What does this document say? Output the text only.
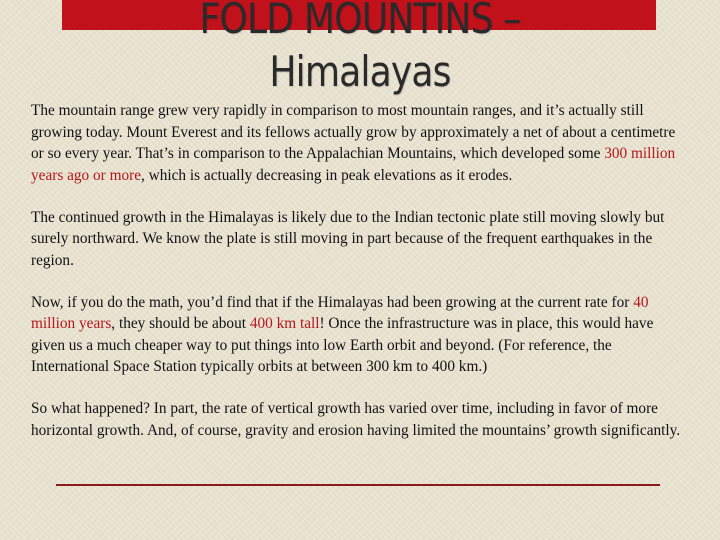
FOLD MOUNTINS –
Himalayas

The mountain range grew very rapidly in comparison to most mountain ranges, and it’s actually still growing today. Mount Everest and its fellows actually grow by approximately a net of about a centimetre or so every year. That’s in comparison to the Appalachian Mountains, which developed some 300 million years ago or more, which is actually decreasing in peak elevations as it erodes.

The continued growth in the Himalayas is likely due to the Indian tectonic plate still moving slowly but surely northward. We know the plate is still moving in part because of the frequent earthquakes in the region.

Now, if you do the math, you’d find that if the Himalayas had been growing at the current rate for 40 million years, they should be about 400 km tall! Once the infrastructure was in place, this would have given us a much cheaper way to put things into low Earth orbit and beyond. (For reference, the International Space Station typically orbits at between 300 km to 400 km.)

So what happened? In part, the rate of vertical growth has varied over time, including in favor of more horizontal growth. And, of course, gravity and erosion having limited the mountains’ growth significantly.
